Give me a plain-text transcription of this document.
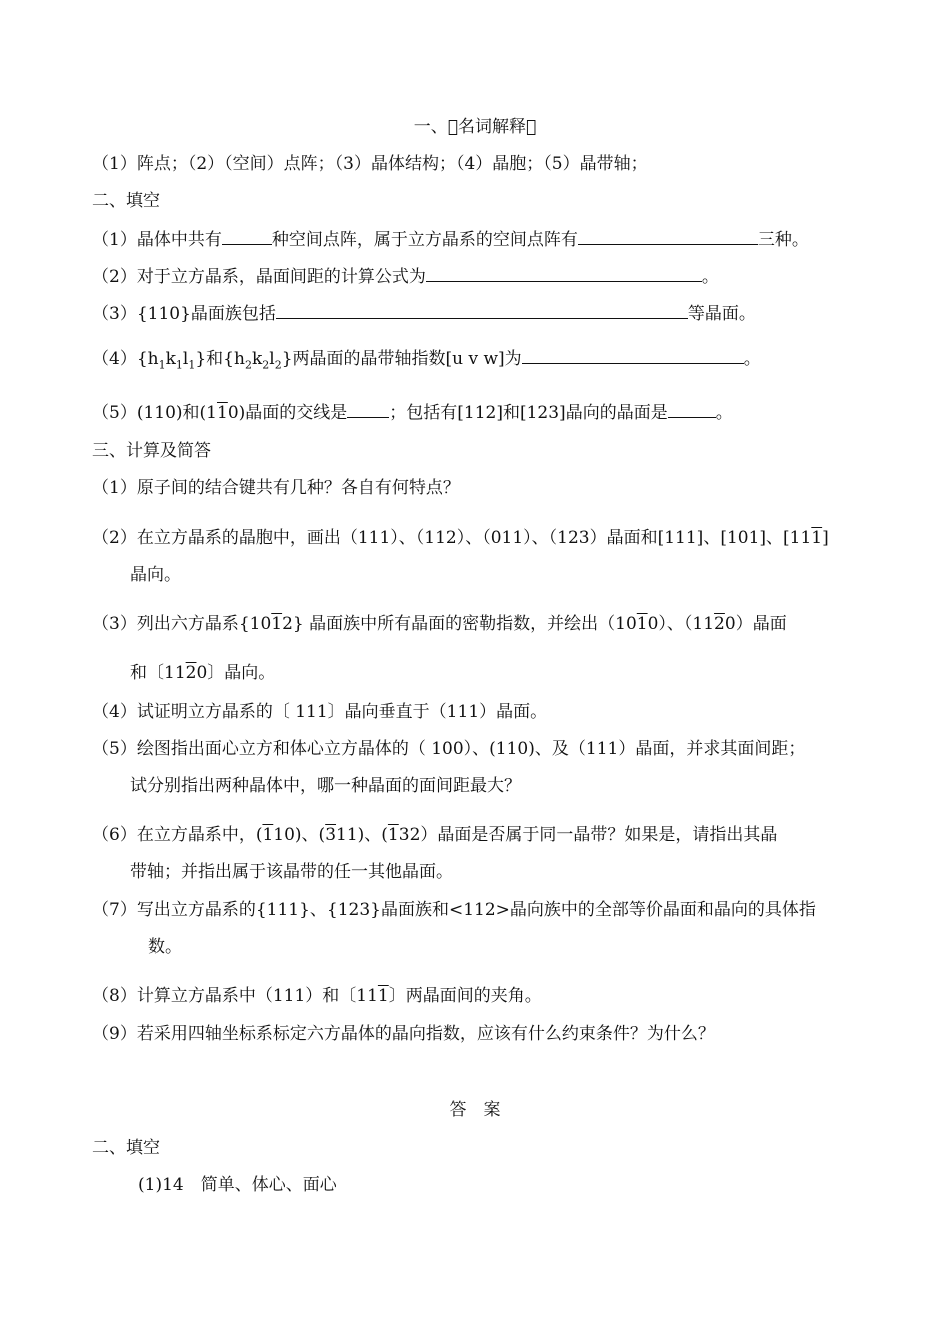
一、 名词解释 
（1）阵点；（2）（空间）点阵；（3）晶体结构；（4）晶胞；（5）晶带轴；
二、填空
（1）晶体中共有	种空间点阵，属于立方晶系的空间点阵有	三种。
（2）对于立方晶系，晶面间距的计算公式为	。
（3）{110}晶面族包括	等晶面。
$(4)\{h_1k_1l_1\}$和$\{h_2k_2l_2\}$两晶面的晶带轴指数[u v w]为	。
（5）(110)和(110)晶面的交线是 ；包括有[112]和[123]晶向的晶面是	。
三、计算及简答
（1）原子间的结合键共有几种？各自有何特点？
（2）在立方晶系的晶胞中，画出（111）、（112）、（011）、（123）晶面和[111]、[101]、[111]
晶向。
（3）列出六方晶系{1012} 晶面族中所有晶面的密勒指数，并绘出（1010）、（1120）晶面
和〔1120〕晶向。
（4）试证明立方晶系的〔 111〕晶向垂直于（111）晶面。
（5）绘图指出面心立方和体心立方晶体的（ 100）、(110)、及（111）晶面，并求其面间距；
试分别指出两种晶体中，哪一种晶面的面间距最大？
（6）在立方晶系中，(110)、(311)、(132）晶面是否属于同一晶带？如果是，请指出其晶
带轴；并指出属于该晶带的任一其他晶面。
（7）写出立方晶系的{111}、{123}晶面族和<112>晶向族中的全部等价晶面和晶向的具体指
数。
（8）计算立方晶系中（111）和〔111〕两晶面间的夹角。
（9）若采用四轴坐标系标定六方晶体的晶向指数，应该有什么约束条件？为什么？
答　案
二、填空
(1)14　简单、体心、面心
